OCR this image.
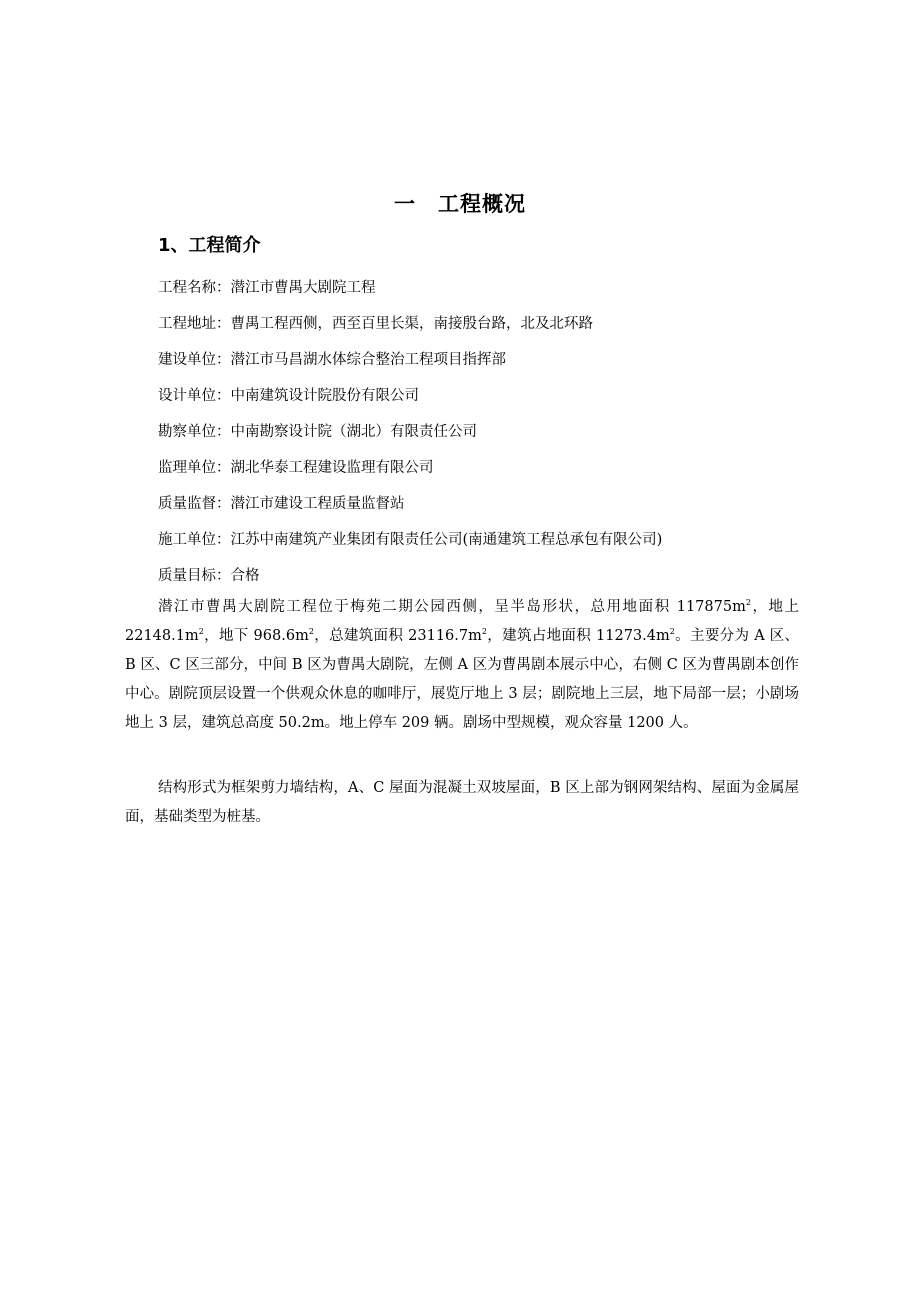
一 工程概况
1、工程简介
工程名称：潜江市曹禺大剧院工程
工程地址：曹禺工程西侧，西至百里长渠，南接殷台路，北及北环路
建设单位：潜江市马昌湖水体综合整治工程项目指挥部
设计单位：中南建筑设计院股份有限公司
勘察单位：中南勘察设计院（湖北）有限责任公司
监理单位：湖北华泰工程建设监理有限公司
质量监督：潜江市建设工程质量监督站
施工单位：江苏中南建筑产业集团有限责任公司(南通建筑工程总承包有限公司)
质量目标：合格

潜江市曹禺大剧院工程位于梅苑二期公园西侧，呈半岛形状，总用地面积 $117875m^2$，地上 $22148.1m^2$，地下 $968.6m^2$，总建筑面积 $23116.7m^2$，建筑占地面积 $11273.4m^2$。主要分为 A 区、B 区、C 区三部分，中间 B 区为曹禺大剧院，左侧 A 区为曹禺剧本展示中心，右侧 C 区为曹禺剧本创作中心。剧院顶层设置一个供观众休息的咖啡厅，展览厅地上 3 层；剧院地上三层，地下局部一层；小剧场地上 3 层，建筑总高度 50.2m。地上停车 209 辆。剧场中型规模，观众容量 1200 人。

结构形式为框架剪力墙结构，A、C 屋面为混凝土双坡屋面，B 区上部为钢网架结构、屋面为金属屋面，基础类型为桩基。
